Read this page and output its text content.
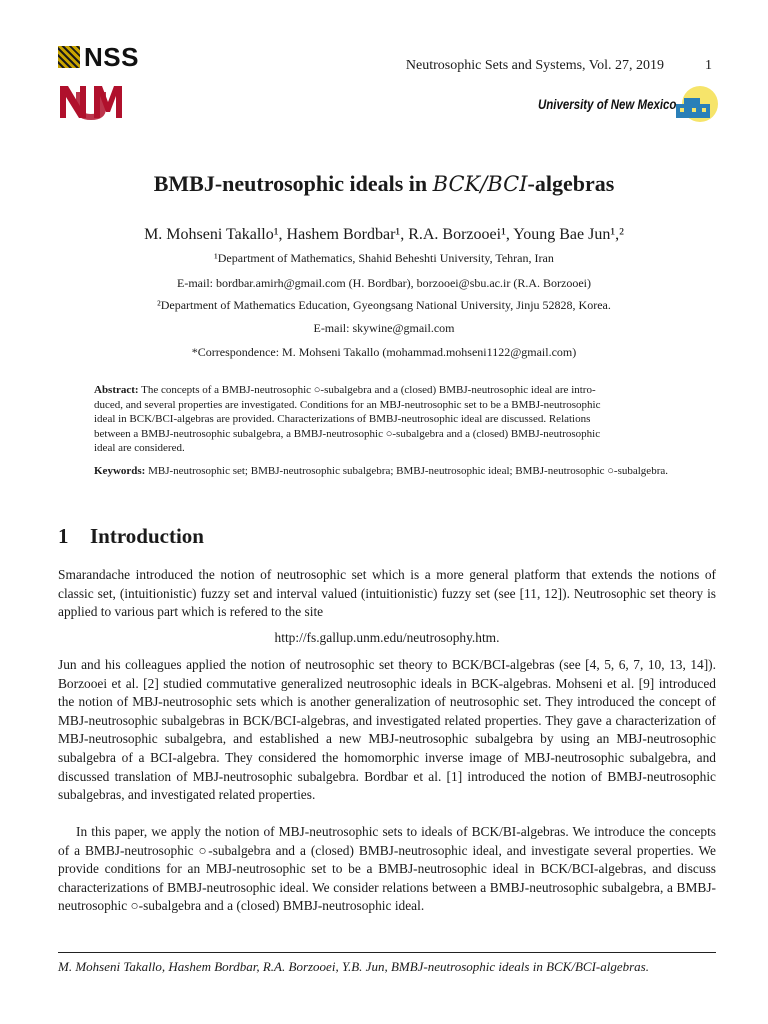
NSS	Neutrosophic Sets and Systems, Vol. 27, 2019	1
University of New Mexico
BMBJ-neutrosophic ideals in BCK/BCI-algebras
M. Mohseni Takallo¹, Hashem Bordbar¹, R.A. Borzooei¹, Young Bae Jun¹,²
¹Department of Mathematics, Shahid Beheshti University, Tehran, Iran
E-mail: bordbar.amirh@gmail.com (H. Bordbar), borzooei@sbu.ac.ir (R.A. Borzooei)
²Department of Mathematics Education, Gyeongsang National University, Jinju 52828, Korea.
E-mail: skywine@gmail.com
*Correspondence: M. Mohseni Takallo (mohammad.mohseni1122@gmail.com)
Abstract: The concepts of a BMBJ-neutrosophic ○-subalgebra and a (closed) BMBJ-neutrosophic ideal are intro-
duced, and several properties are investigated. Conditions for an MBJ-neutrosophic set to be a BMBJ-neutrosophic
ideal in BCK/BCI-algebras are provided. Characterizations of BMBJ-neutrosophic ideal are discussed. Relations
between a BMBJ-neutrosophic subalgebra, a BMBJ-neutrosophic ○-subalgebra and a (closed) BMBJ-neutrosophic
ideal are considered.
Keywords: MBJ-neutrosophic set; BMBJ-neutrosophic subalgebra; BMBJ-neutrosophic ideal; BMBJ-neutrosophic ○-subalgebra.
1 Introduction
Smarandache introduced the notion of neutrosophic set which is a more general platform that extends the notions of classic set, (intuitionistic) fuzzy set and interval valued (intuitionistic) fuzzy set (see [11, 12]). Neutrosophic set theory is applied to various part which is refered to the site
http://fs.gallup.unm.edu/neutrosophy.htm.
Jun and his colleagues applied the notion of neutrosophic set theory to BCK/BCI-algebras (see [4, 5, 6, 7, 10, 13, 14]). Borzooei et al. [2] studied commutative generalized neutrosophic ideals in BCK-algebras. Mohseni et al. [9] introduced the notion of MBJ-neutrosophic sets which is another generalization of neutrosophic set. They introduced the concept of MBJ-neutrosophic subalgebras in BCK/BCI-algebras, and investigated related properties. They gave a characterization of MBJ-neutrosophic subalgebra, and established a new MBJ-neutrosophic subalgebra by using an MBJ-neutrosophic subalgebra of a BCI-algebra. They considered the homomorphic inverse image of MBJ-neutrosophic subalgebra, and discussed translation of MBJ-neutrosophic subalgebra. Bordbar et al. [1] introduced the notion of BMBJ-neutrosophic subalgebras, and investigated related properties.
In this paper, we apply the notion of MBJ-neutrosophic sets to ideals of BCK/BI-algebras. We introduce the concepts of a BMBJ-neutrosophic ○-subalgebra and a (closed) BMBJ-neutrosophic ideal, and investigate several properties. We provide conditions for an MBJ-neutrosophic set to be a BMBJ-neutrosophic ideal in BCK/BCI-algebras, and discuss characterizations of BMBJ-neutrosophic ideal. We consider relations between a BMBJ-neutrosophic subalgebra, a BMBJ-neutrosophic ○-subalgebra and a (closed) BMBJ-neutrosophic ideal.
M. Mohseni Takallo, Hashem Bordbar, R.A. Borzooei, Y.B. Jun, BMBJ-neutrosophic ideals in BCK/BCI-algebras.
